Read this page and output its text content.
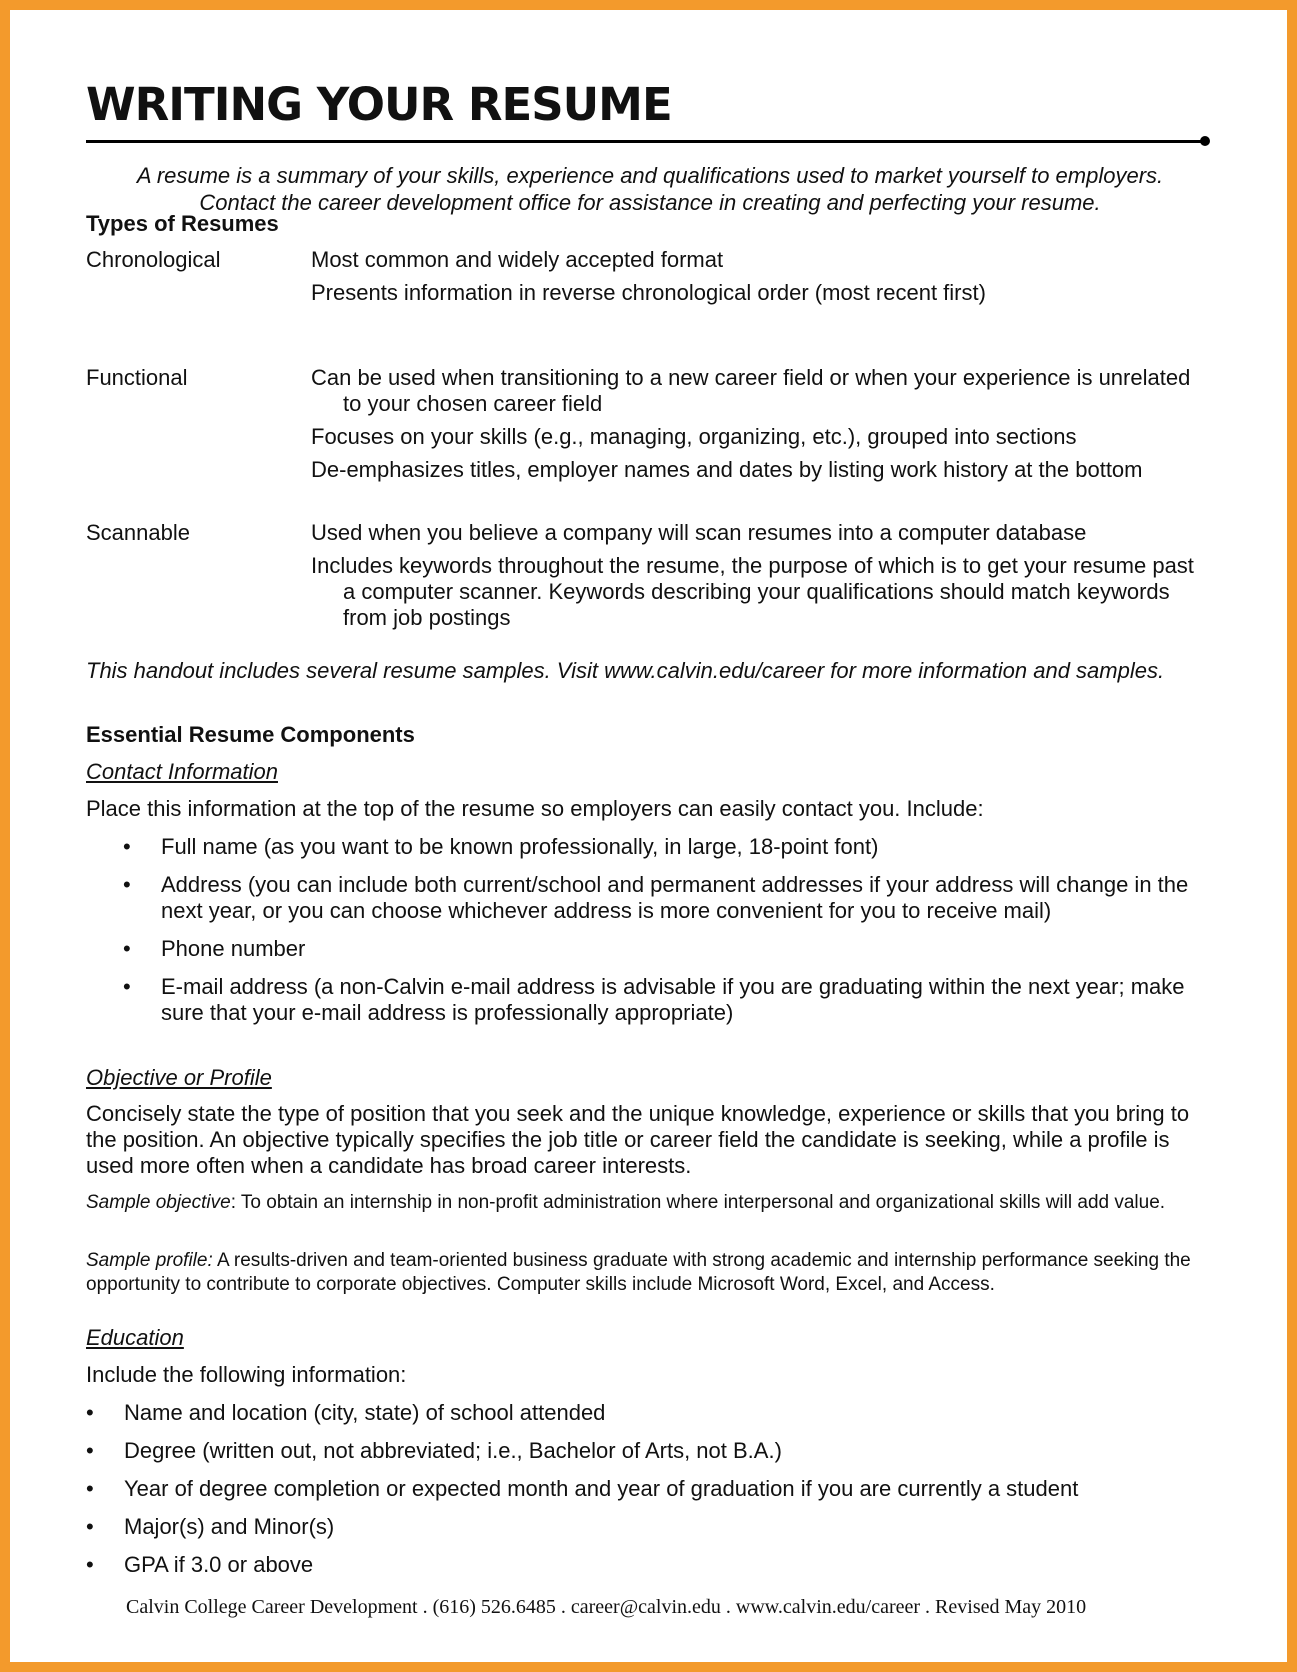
WRITING YOUR RESUME
A resume is a summary of your skills, experience and qualifications used to market yourself to employers.
Contact the career development office for assistance in creating and perfecting your resume.
Types of Resumes
Chronological	Most common and widely accepted format

Presents information in reverse chronological order (most recent first)

Functional	Can be used when transitioning to a new career field or when your experience is unrelated to your chosen career field

Focuses on your skills (e.g., managing, organizing, etc.), grouped into sections

De-emphasizes titles, employer names and dates by listing work history at the bottom

Scannable	Used when you believe a company will scan resumes into a computer database

Includes keywords throughout the resume, the purpose of which is to get your resume past a computer scanner. Keywords describing your qualifications should match keywords from job postings

This handout includes several resume samples. Visit www.calvin.edu/career for more information and samples.
Essential Resume Components
Contact Information
Place this information at the top of the resume so employers can easily contact you. Include:
• Full name (as you want to be known professionally, in large, 18-point font)
• Address (you can include both current/school and permanent addresses if your address will change in the next year, or you can choose whichever address is more convenient for you to receive mail)
• Phone number
• E-mail address (a non-Calvin e-mail address is advisable if you are graduating within the next year; make sure that your e-mail address is professionally appropriate)
Objective or Profile
Concisely state the type of position that you seek and the unique knowledge, experience or skills that you bring to the position. An objective typically specifies the job title or career field the candidate is seeking, while a profile is used more often when a candidate has broad career interests.
Sample objective: To obtain an internship in non-profit administration where interpersonal and organizational skills will add value.
Sample profile: A results-driven and team-oriented business graduate with strong academic and internship performance seeking the opportunity to contribute to corporate objectives. Computer skills include Microsoft Word, Excel, and Access.
Education
Include the following information:
• Name and location (city, state) of school attended
• Degree (written out, not abbreviated; i.e., Bachelor of Arts, not B.A.)
• Year of degree completion or expected month and year of graduation if you are currently a student
• Major(s) and Minor(s)
• GPA if 3.0 or above
Calvin College Career Development . (616) 526.6485 . career@calvin.edu . www.calvin.edu/career . Revised May 2010
